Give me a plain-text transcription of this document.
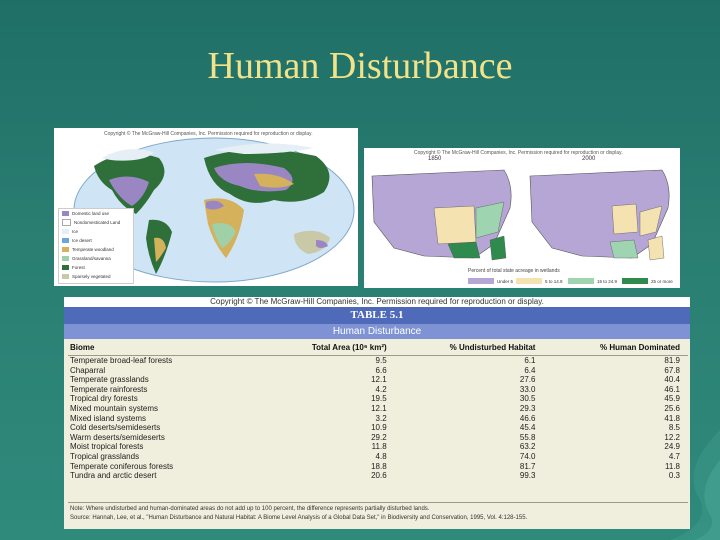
Human Disturbance
Copyright © The McGraw-Hill Companies, Inc. Permission required for reproduction or display.
Domestic land use
Nondomesticated Land
Ice
Ice desert
Temperate woodland
Grassland/savanna
Forest
Sparsely vegetated
Copyright © The McGraw-Hill Companies, Inc. Permission required for reproduction or display.
1850	2000
Percent of total state acreage in wetlands
Under 5	5 to 14.9	15 to 24.9	25 or more
Copyright © The McGraw-Hill Companies, Inc. Permission required for reproduction or display.
TABLE 5.1
Human Disturbance
Biome	Total Area (10⁶ km²)	% Undisturbed Habitat	% Human Dominated
Temperate broad-leaf forests	9.5	6.1	81.9
Chaparral	6.6	6.4	67.8
Temperate grasslands	12.1	27.6	40.4
Temperate rainforests	4.2	33.0	46.1
Tropical dry forests	19.5	30.5	45.9
Mixed mountain systems	12.1	29.3	25.6
Mixed island systems	3.2	46.6	41.8
Cold deserts/semideserts	10.9	45.4	8.5
Warm deserts/semideserts	29.2	55.8	12.2
Moist tropical forests	11.8	63.2	24.9
Tropical grasslands	4.8	74.0	4.7
Temperate coniferous forests	18.8	81.7	11.8
Tundra and arctic desert	20.6	99.3	0.3
Note: Where undisturbed and human-dominated areas do not add up to 100 percent, the difference represents partially disturbed lands.
Source: Hannah, Lee, et al., "Human Disturbance and Natural Habitat: A Biome Level Analysis of a Global Data Set," in Biodiversity and Conservation, 1995, Vol. 4:128-155.
